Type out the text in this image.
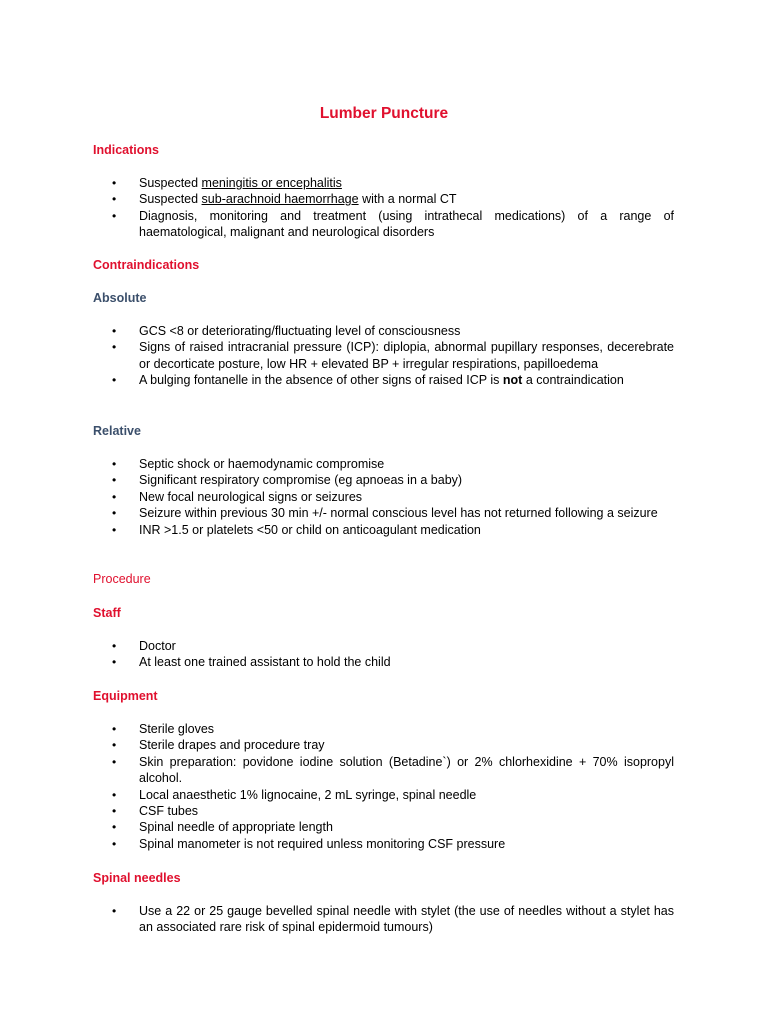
Lumber Puncture
Indications
• Suspected meningitis or encephalitis
• Suspected sub-arachnoid haemorrhage with a normal CT
• Diagnosis, monitoring and treatment (using intrathecal medications) of a range of haematological, malignant and neurological disorders
Contraindications
Absolute
• GCS <8 or deteriorating/fluctuating level of consciousness
• Signs of raised intracranial pressure (ICP): diplopia, abnormal pupillary responses, decerebrate or decorticate posture, low HR + elevated BP + irregular respirations, papilloedema
• A bulging fontanelle in the absence of other signs of raised ICP is not a contraindication
Relative
• Septic shock or haemodynamic compromise
• Significant respiratory compromise (eg apnoeas in a baby)
• New focal neurological signs or seizures
• Seizure within previous 30 min +/- normal conscious level has not returned following a seizure
• INR >1.5 or platelets <50 or child on anticoagulant medication
Procedure
Staff
• Doctor
• At least one trained assistant to hold the child
Equipment
• Sterile gloves
• Sterile drapes and procedure tray
• Skin preparation: povidone iodine solution (Betadine`) or 2% chlorhexidine + 70% isopropyl alcohol.
• Local anaesthetic 1% lignocaine, 2 mL syringe, spinal needle
• CSF tubes
• Spinal needle of appropriate length
• Spinal manometer is not required unless monitoring CSF pressure
Spinal needles
• Use a 22 or 25 gauge bevelled spinal needle with stylet (the use of needles without a stylet has an associated rare risk of spinal epidermoid tumours)
